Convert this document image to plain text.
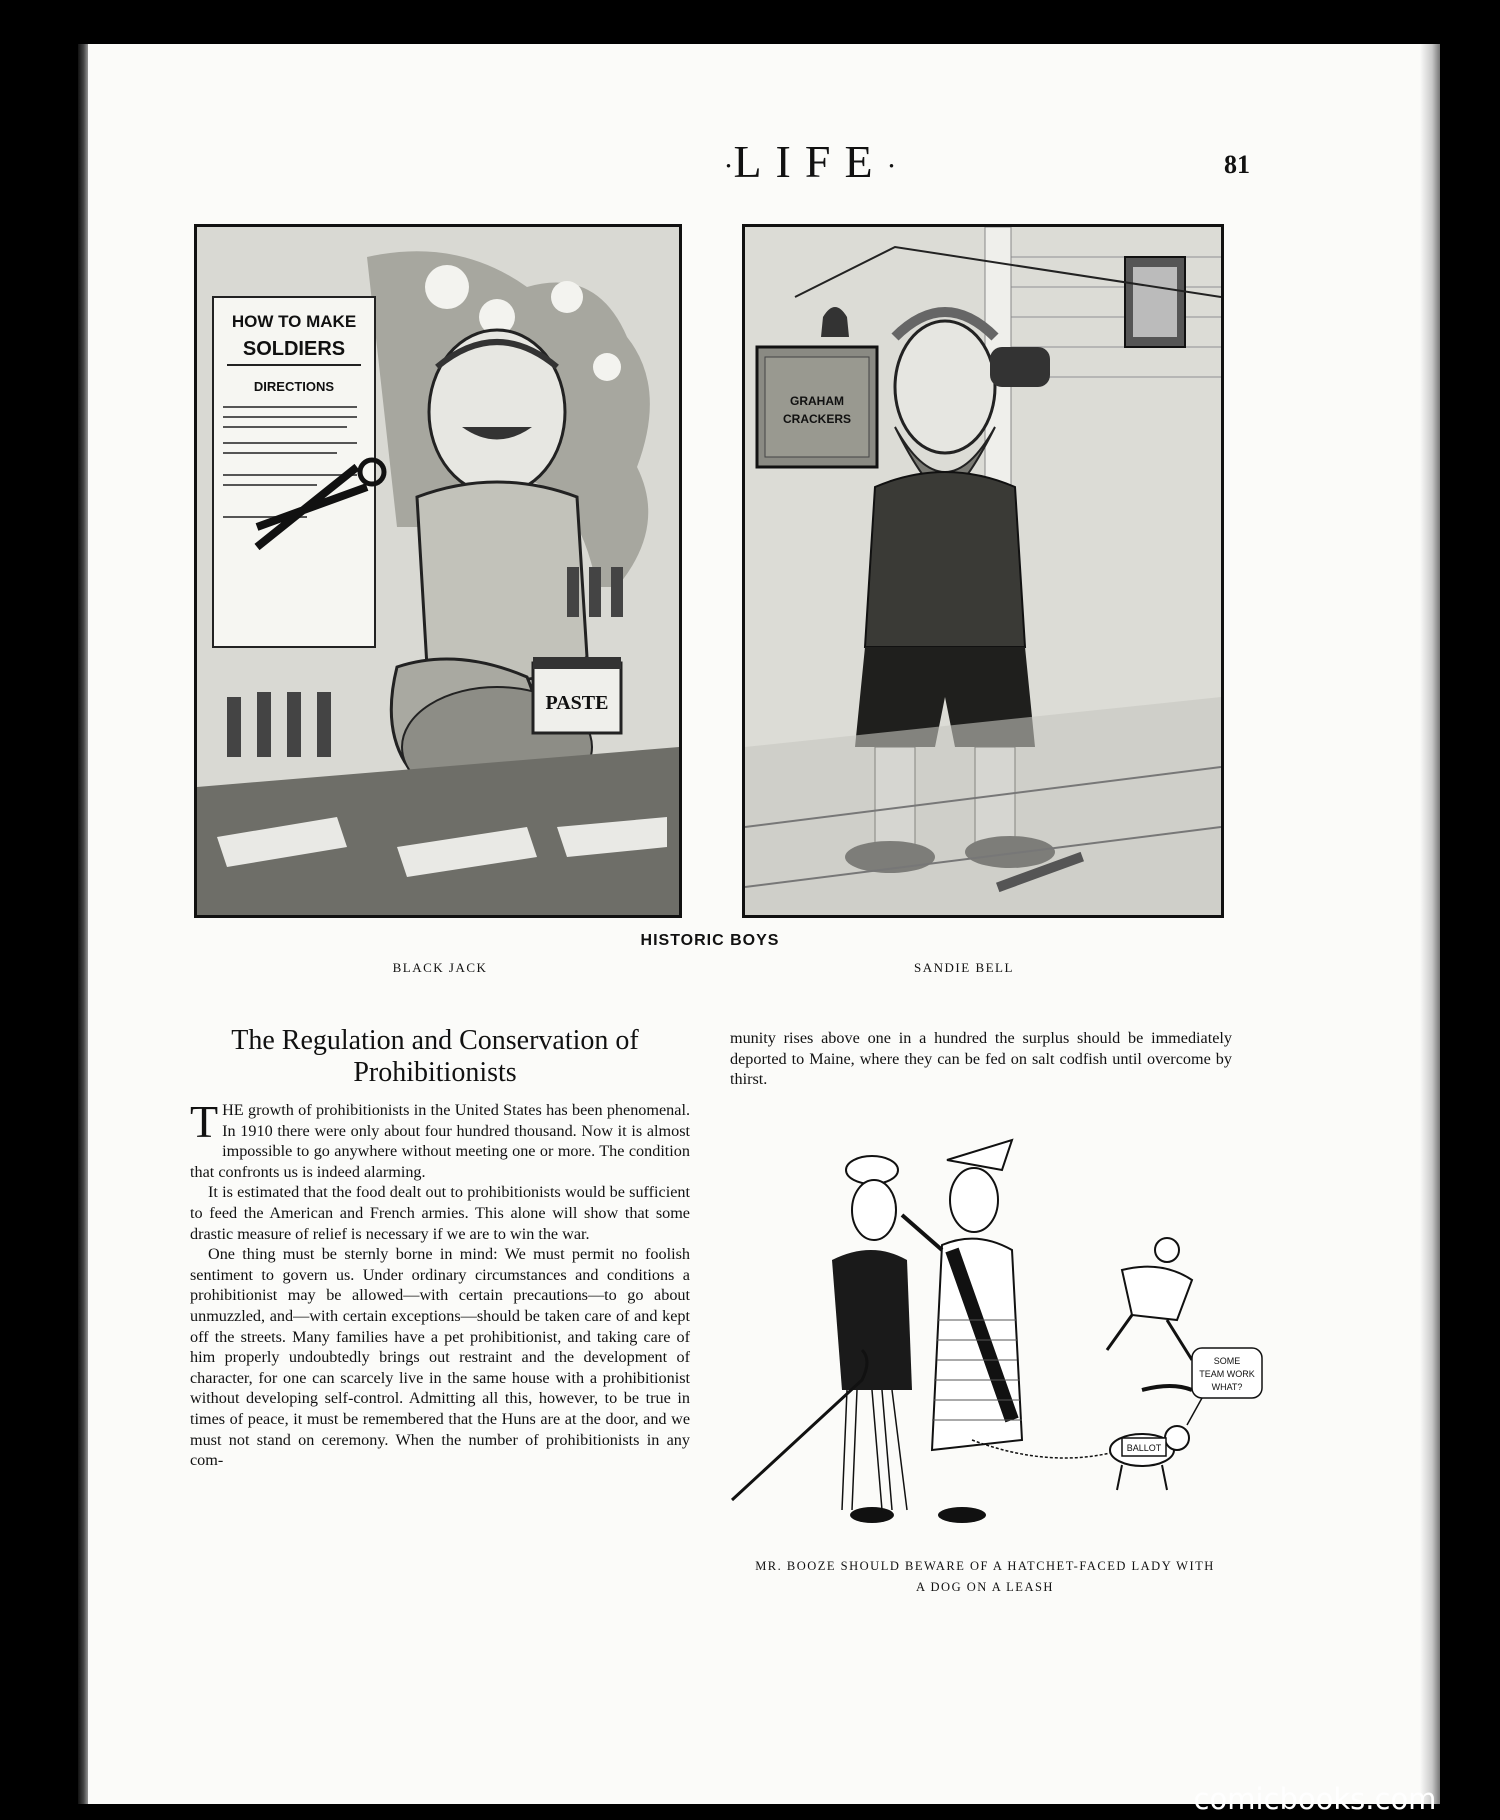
·LIFE·	81
HOW TO MAKE
SOLDIERS
DIRECTIONS
PASTE
GRAHAM
CRACKERS
HISTORIC BOYS
BLACK JACK	SANDIE BELL
The Regulation and Conservation of Prohibitionists

THE growth of prohibitionists in the United States has been phenomenal. In 1910 there were only about four hundred thousand. Now it is almost impossible to go anywhere without meeting one or more. The condition that confronts us is indeed alarming.

It is estimated that the food dealt out to prohibitionists would be sufficient to feed the American and French armies. This alone will show that some drastic measure of relief is necessary if we are to win the war.

One thing must be sternly borne in mind: We must permit no foolish sentiment to govern us. Under ordinary circumstances and conditions a prohibitionist may be allowed—with certain precautions—to go about unmuzzled, and—with certain exceptions—should be taken care of and kept off the streets. Many families have a pet prohibitionist, and taking care of him properly undoubtedly brings out restraint and the development of character, for one can scarcely live in the same house with a prohibitionist without developing self-control. Admitting all this, however, to be true in times of peace, it must be remembered that the Huns are at the door, and we must not stand on ceremony. When the number of prohibitionists in any com-

munity rises above one in a hundred the surplus should be immediately deported to Maine, where they can be fed on salt codfish until overcome by thirst.

BALLOT
SOME
TEAM WORK
WHAT?
MR. BOOZE SHOULD BEWARE OF A HATCHET-FACED LADY WITH
A DOG ON A LEASH
comicbooks.com
